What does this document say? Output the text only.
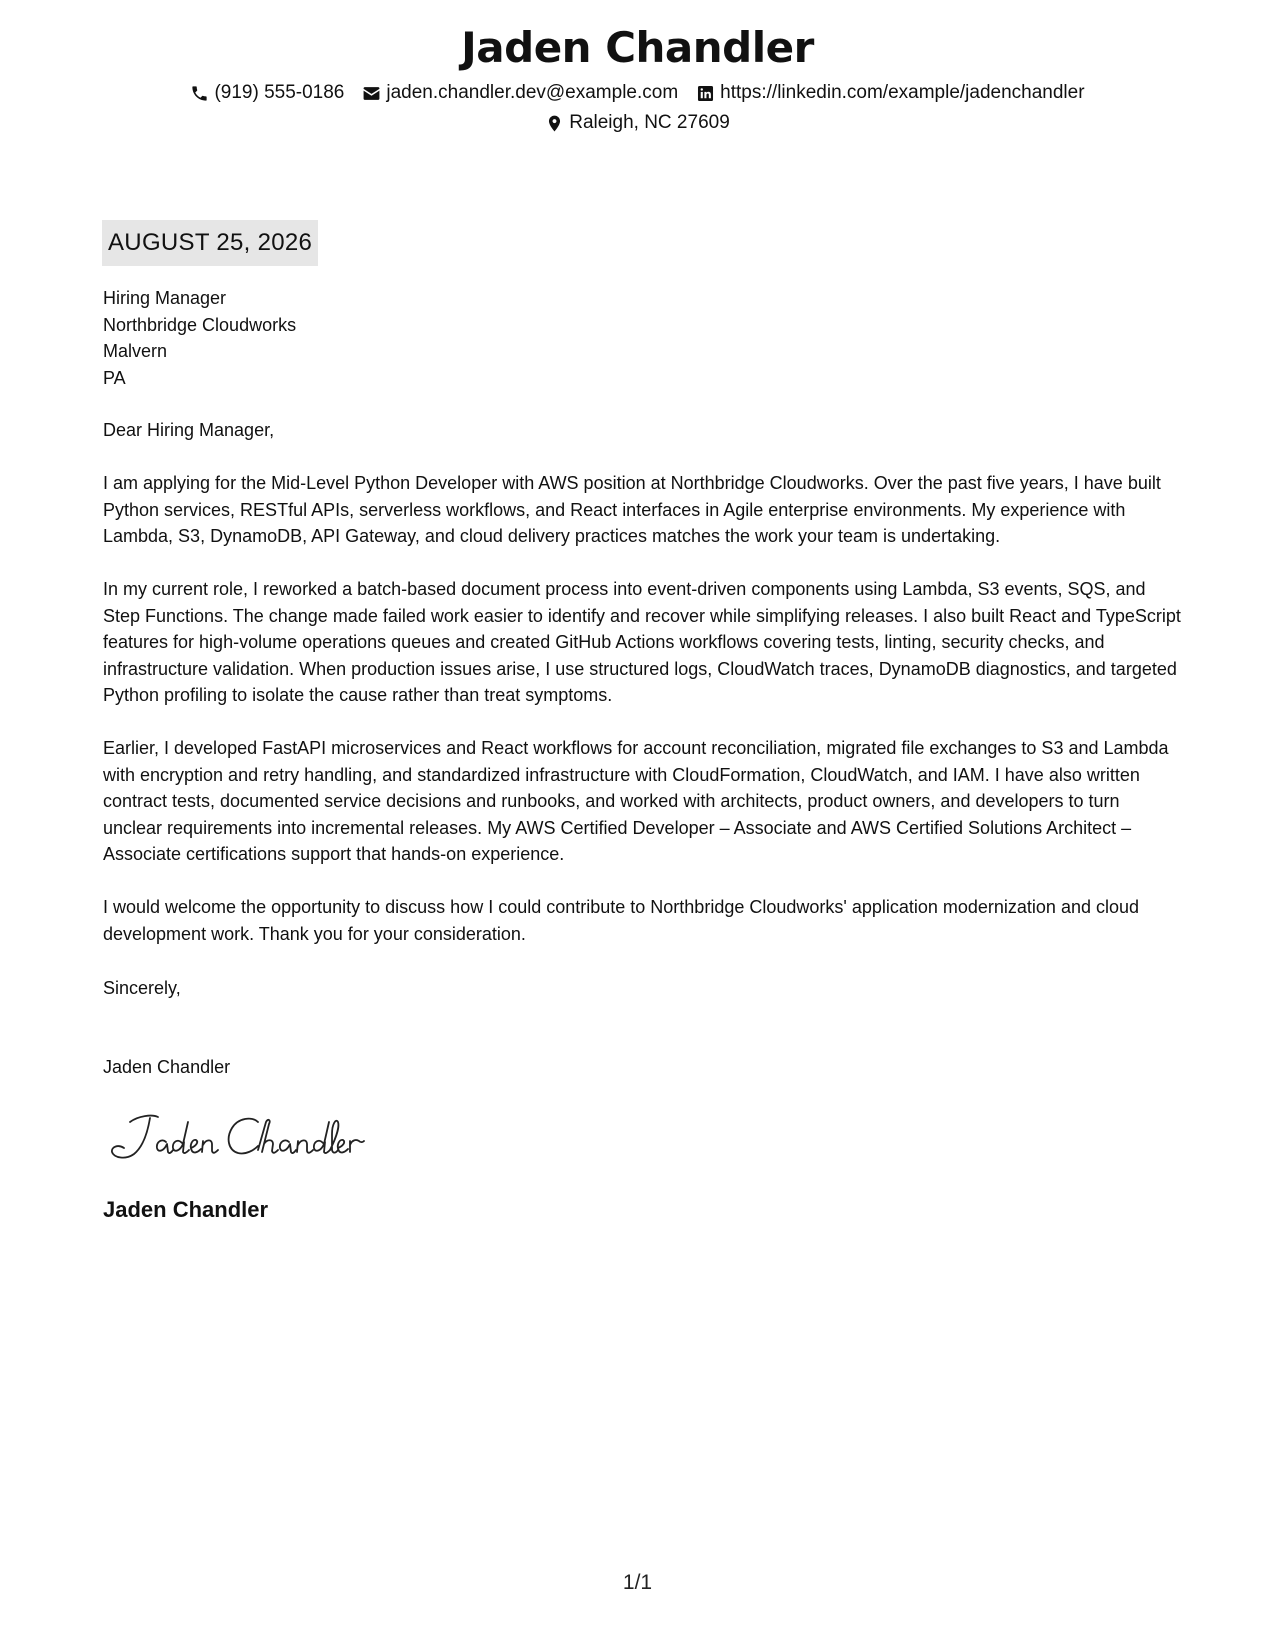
Jaden Chandler
(919) 555-0186 jaden.chandler.dev@example.com https://linkedin.com/example/jadenchandler
Raleigh, NC 27609
AUGUST 25, 2026
Hiring Manager
Northbridge Cloudworks
Malvern
PA

Dear Hiring Manager,

I am applying for the Mid-Level Python Developer with AWS position at Northbridge Cloudworks. Over the past five years, I have built Python services, RESTful APIs, serverless workflows, and React interfaces in Agile enterprise environments. My experience with Lambda, S3, DynamoDB, API Gateway, and cloud delivery practices matches the work your team is undertaking.

In my current role, I reworked a batch-based document process into event-driven components using Lambda, S3 events, SQS, and Step Functions. The change made failed work easier to identify and recover while simplifying releases. I also built React and TypeScript features for high-volume operations queues and created GitHub Actions workflows covering tests, linting, security checks, and infrastructure validation. When production issues arise, I use structured logs, CloudWatch traces, DynamoDB diagnostics, and targeted Python profiling to isolate the cause rather than treat symptoms.

Earlier, I developed FastAPI microservices and React workflows for account reconciliation, migrated file exchanges to S3 and Lambda with encryption and retry handling, and standardized infrastructure with CloudFormation, CloudWatch, and IAM. I have also written contract tests, documented service decisions and runbooks, and worked with architects, product owners, and developers to turn unclear requirements into incremental releases. My AWS Certified Developer – Associate and AWS Certified Solutions Architect – Associate certifications support that hands-on experience.

I would welcome the opportunity to discuss how I could contribute to Northbridge Cloudworks' application modernization and cloud development work. Thank you for your consideration.

Sincerely,
Jaden Chandler
Jaden Chandler
1/1
